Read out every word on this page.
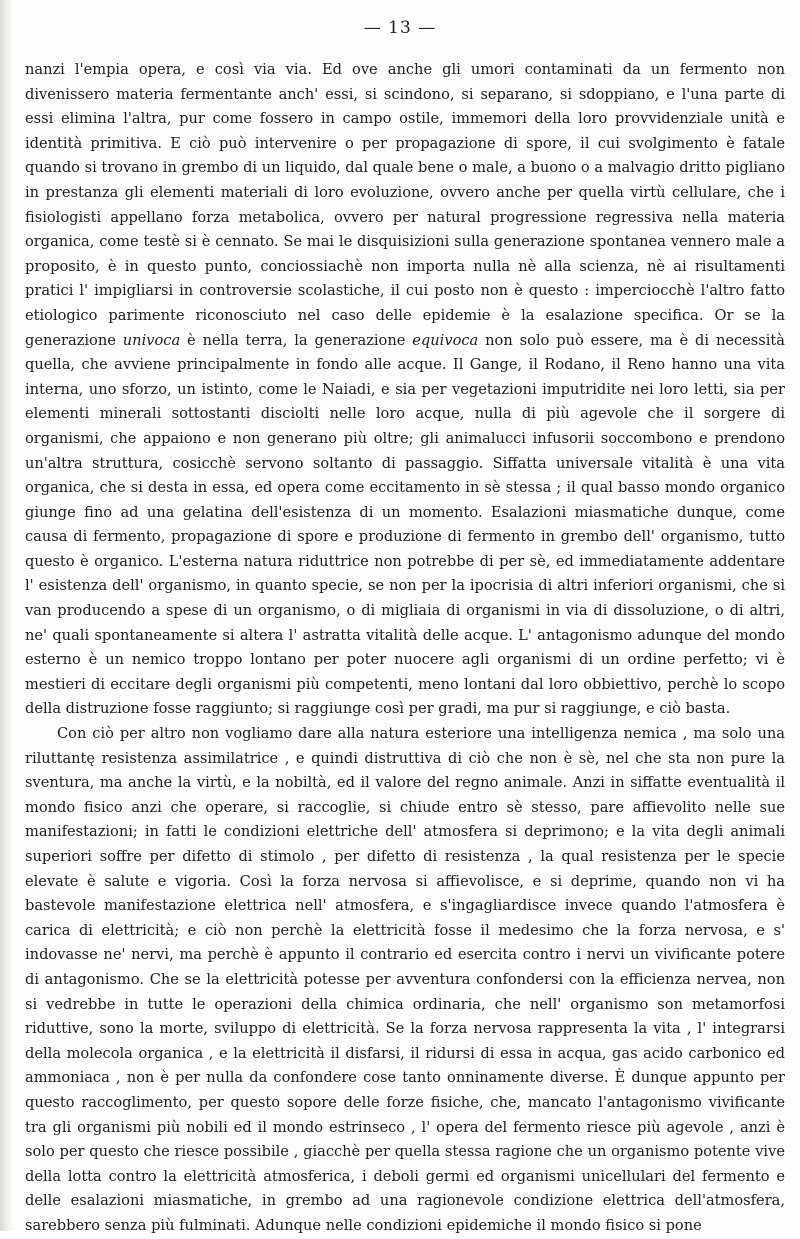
— 13 —

nanzi l'empia opera, e così via via. Ed ove anche gli umori contaminati da un fermento non divenissero materia fermentante anch' essi, si scindono, si separano, si sdoppiano, e l'una parte di essi elimina l'altra, pur come fossero in campo ostile, immemori della loro provvidenziale unità e identità primitiva. E ciò può intervenire o per propagazione di spore, il cui svolgimento è fatale quando si trovano in grembo di un liquido, dal quale bene o male, a buono o a malvagio dritto pigliano in prestanza gli elementi materiali di loro evoluzione, ovvero anche per quella virtù cellulare, che i fisiologisti appellano forza metabolica, ovvero per natural progressione regressiva nella materia organica, come testè si è cennato. Se mai le disquisizioni sulla generazione spontanea vennero male a proposito, è in questo punto, conciossiachè non importa nulla nè alla scienza, nè ai risultamenti pratici l' impigliarsi in controversie scolastiche, il cui posto non è questo : imperciocchè l'altro fatto etiologico parimente riconosciuto nel caso delle epidemie è la esalazione specifica. Or se la generazione univoca è nella terra, la generazione equivoca non solo può essere, ma è di necessità quella, che avviene principalmente in fondo alle acque. Il Gange, il Rodano, il Reno hanno una vita interna, uno sforzo, un istinto, come le Naiadi, e sia per vegetazioni imputridite nei loro letti, sia per elementi minerali sottostanti disciolti nelle loro acque, nulla di più agevole che il sorgere di organismi, che appaiono e non generano più oltre; gli animalucci infusorii soccombono e prendono un'altra struttura, cosicchè servono soltanto di passaggio. Siffatta universale vitalità è una vita organica, che si desta in essa, ed opera come eccitamento in sè stessa ; il qual basso mondo organico giunge fino ad una gelatina dell'esistenza di un momento. Esalazioni miasmatiche dunque, come causa di fermento, propagazione di spore e produzione di fermento in grembo dell' organismo, tutto questo è organico. L'esterna natura riduttrice non potrebbe di per sè, ed immediatamente addentare l' esistenza dell' organismo, in quanto specie, se non per la ipocrisia di altri inferiori organismi, che si van producendo a spese di un organismo, o di migliaia di organismi in via di dissoluzione, o di altri, ne' quali spontaneamente si altera l' astratta vitalità delle acque. L' antagonismo adunque del mondo esterno è un nemico troppo lontano per poter nuocere agli organismi di un ordine perfetto; vi è mestieri di eccitare degli organismi più competenti, meno lontani dal loro obbiettivo, perchè lo scopo della distruzione fosse raggiunto; si raggiunge così per gradi, ma pur si raggiunge, e ciò basta.

Con ciò per altro non vogliamo dare alla natura esteriore una intelligenza nemica , ma solo una riluttantę resistenza assimilatrice , e quindi distruttiva di ciò che non è sè, nel che sta non pure la sventura, ma anche la virtù, e la nobiltà, ed il valore del regno animale. Anzi in siffatte eventualità il mondo fisico anzi che operare, si raccoglie, si chiude entro sè stesso, pare affievolito nelle sue manifestazioni; in fatti le condizioni elettriche dell' atmosfera si deprimono; e la vita degli animali superiori soffre per difetto di stimolo , per difetto di resistenza , la qual resistenza per le specie elevate è salute e vigoria. Così la forza nervosa si affievolisce, e si deprime, quando non vi ha bastevole manifestazione elettrica nell' atmosfera, e s'ingagliardisce invece quando l'atmosfera è carica di elettricità; e ciò non perchè la elettricità fosse il medesimo che la forza nervosa, e s' indovasse ne' nervi, ma perchè è appunto il contrario ed esercita contro i nervi un vivificante potere di antagonismo. Che se la elettricità potesse per avventura confondersi con la efficienza nervea, non si vedrebbe in tutte le operazioni della chimica ordinaria, che nell' organismo son metamorfosi riduttive, sono la morte, sviluppo di elettricità. Se la forza nervosa rappresenta la vita , l' integrarsi della molecola organica , e la elettricità il disfarsi, il ridursi di essa in acqua, gas acido carbonico ed ammoniaca , non è per nulla da confondere cose tanto onninamente diverse. È dunque appunto per questo raccoglimento, per questo sopore delle forze fisiche, che, mancato l'antagonismo vivificante tra gli organismi più nobili ed il mondo estrinseco , l' opera del fermento riesce più agevole , anzi è solo per questo che riesce possibile , giacchè per quella stessa ragione che un organismo potente vive della lotta contro la elettricità atmosferica, i deboli germi ed organismi unicellulari del fermento e delle esalazioni miasmatiche, in grembo ad una ragionevole condizione elettrica dell'atmosfera, sarebbero senza più fulminati. Adunque nelle condizioni epidemiche il mondo fisico si pone
